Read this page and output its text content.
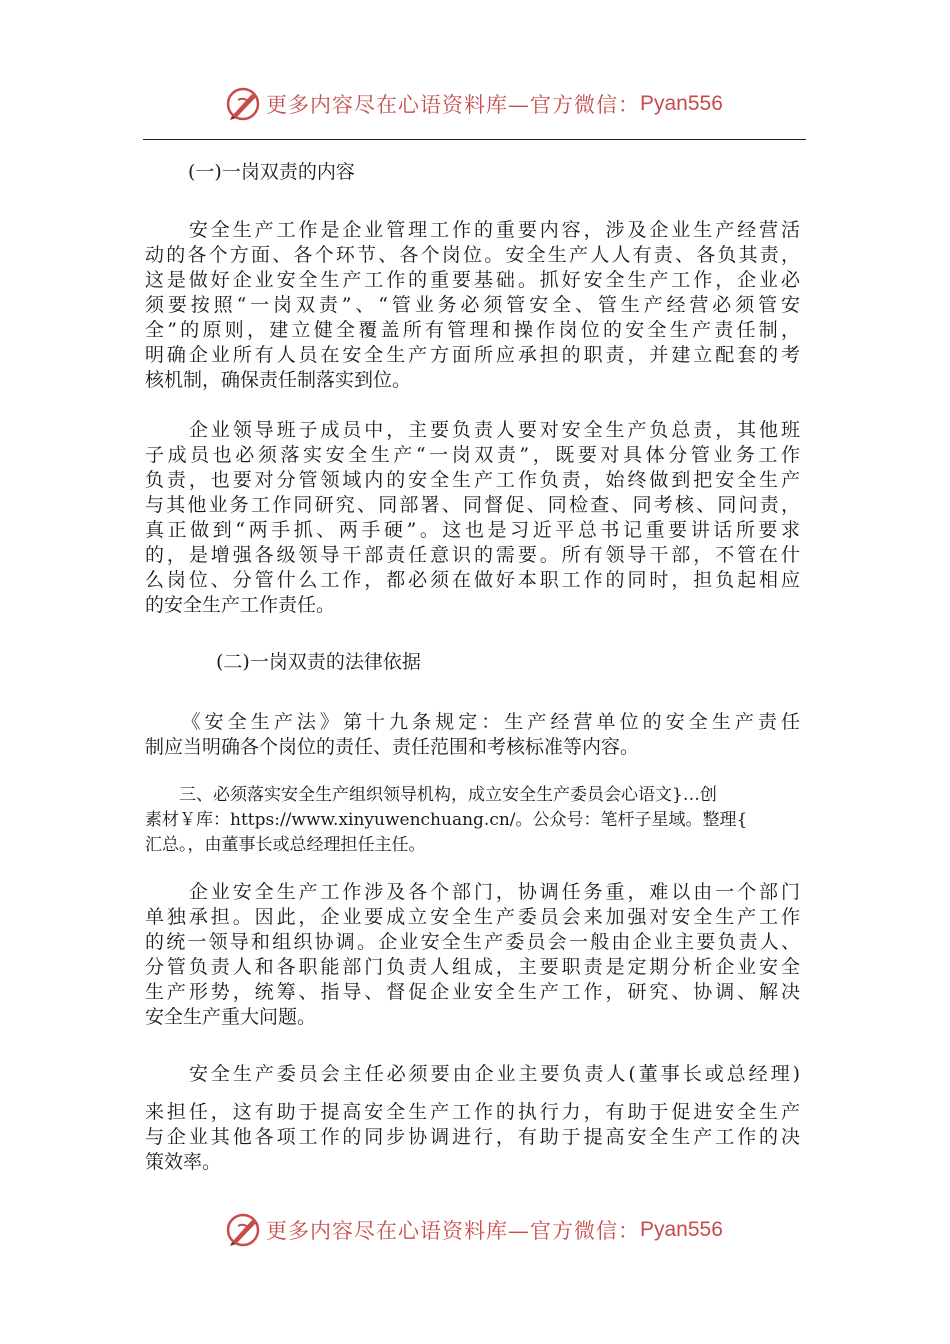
更多内容尽在心语资料库—官方微信： Pyan556
(一)一岗双责的内容
　　安全生产工作是企业管理工作的重要内容，涉及企业生产经营活
动的各个方面、各个环节、各个岗位。安全生产人人有责、各负其责，
这是做好企业安全生产工作的重要基础。抓好安全生产工作，企业必
须要按照“一岗双责”、“管业务必须管安全、管生产经营必须管安
全”的原则，建立健全覆盖所有管理和操作岗位的安全生产责任制，
明确企业所有人员在安全生产方面所应承担的职责，并建立配套的考
核机制，确保责任制落实到位。
　　企业领导班子成员中，主要负责人要对安全生产负总责，其他班
子成员也必须落实安全生产“一岗双责”，既要对具体分管业务工作
负责，也要对分管领域内的安全生产工作负责，始终做到把安全生产
与其他业务工作同研究、同部署、同督促、同检查、同考核、同问责，
真正做到“两手抓、两手硬”。这也是习近平总书记重要讲话所要求
的，是增强各级领导干部责任意识的需要。所有领导干部，不管在什
么岗位、分管什么工作，都必须在做好本职工作的同时，担负起相应
的安全生产工作责任。
(二)一岗双责的法律依据
　　《安全生产法》第十九条规定：生产经营单位的安全生产责任
制应当明确各个岗位的责任、责任范围和考核标准等内容。
　　三、必须落实安全生产组织领导机构，成立安全生产委员会心语文}…创
素材￥库：https://www.xinyuwenchuang.cn/。公众号：笔杆子星域。整理{
汇总。，由董事长或总经理担任主任。
　　企业安全生产工作涉及各个部门，协调任务重，难以由一个部门
单独承担。因此，企业要成立安全生产委员会来加强对安全生产工作
的统一领导和组织协调。企业安全生产委员会一般由企业主要负责人、
分管负责人和各职能部门负责人组成，主要职责是定期分析企业安全
生产形势，统筹、指导、督促企业安全生产工作，研究、协调、解决
安全生产重大问题。
　　安全生产委员会主任必须要由企业主要负责人(董事长或总经理)
来担任，这有助于提高安全生产工作的执行力，有助于促进安全生产
与企业其他各项工作的同步协调进行，有助于提高安全生产工作的决
策效率。
更多内容尽在心语资料库—官方微信： Pyan556
